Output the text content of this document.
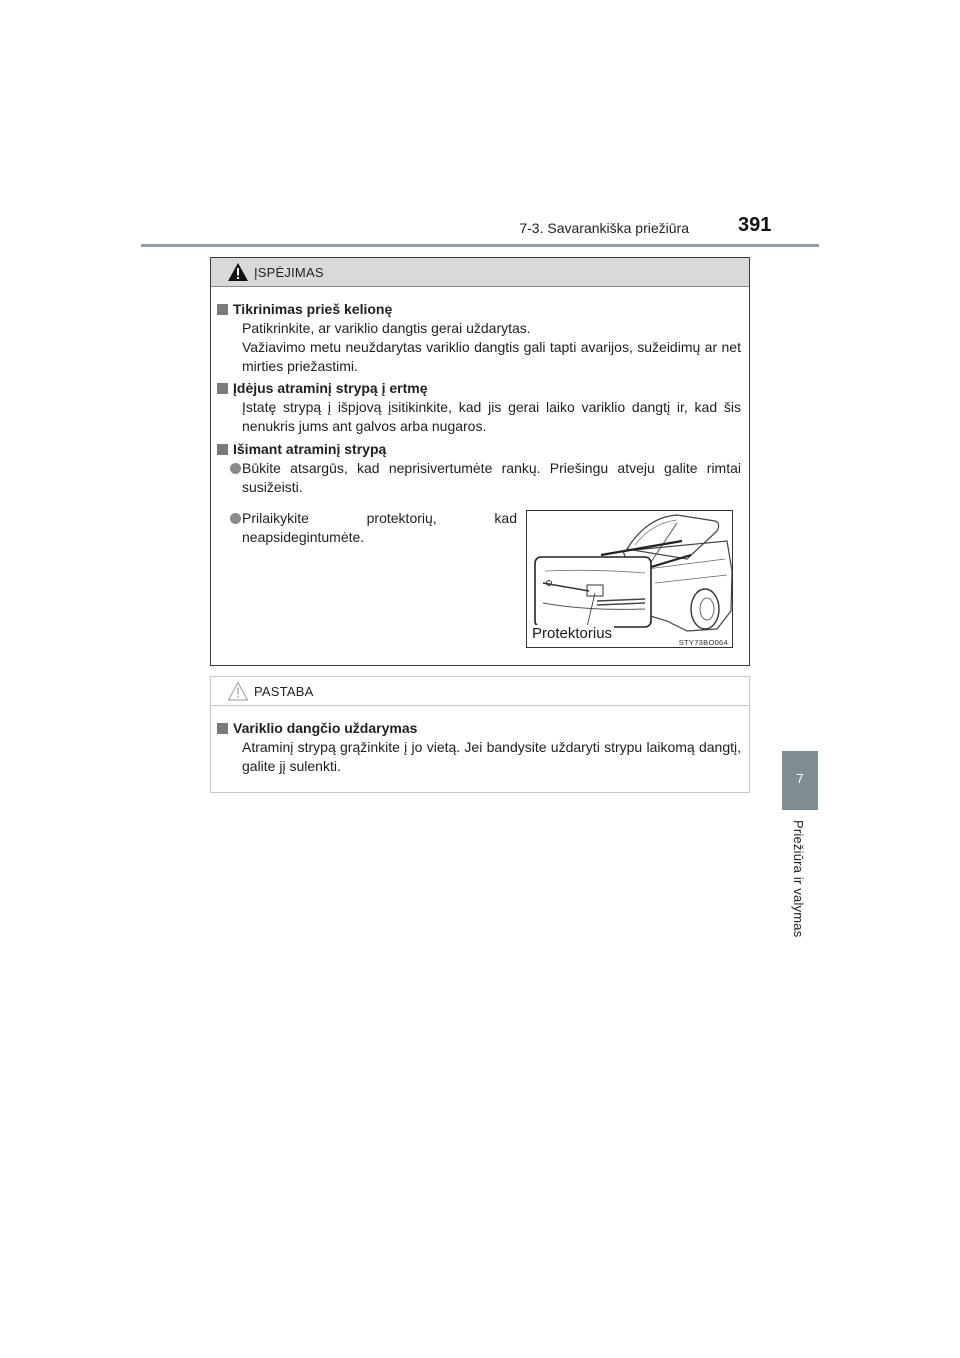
7-3. Savarankiška priežiūra 391
7
Priežiūra ir valymas
ĮSPĖJIMAS
Tikrinimas prieš kelionę
Patikrinkite, ar variklio dangtis gerai uždarytas.
Važiavimo metu neuždarytas variklio dangtis gali tapti avarijos, sužeidimų ar net mirties priežastimi.
Įdėjus atraminį strypą į ertmę
Įstatę strypą į išpjovą įsitikinkite, kad jis gerai laiko variklio dangtį ir, kad šis nenukris jums ant galvos arba nugaros.
Išimant atraminį strypą
Būkite atsargūs, kad neprisivertumėte rankų. Priešingu atveju galite rimtai susižeisti.
Prilaikykite protektorių, kad neapsidegintumėte.
Protektorius
STY73BO064
PASTABA
Variklio dangčio uždarymas
Atraminį strypą grąžinkite į jo vietą. Jei bandysite uždaryti strypu laikomą dangtį, galite jį sulenkti.
